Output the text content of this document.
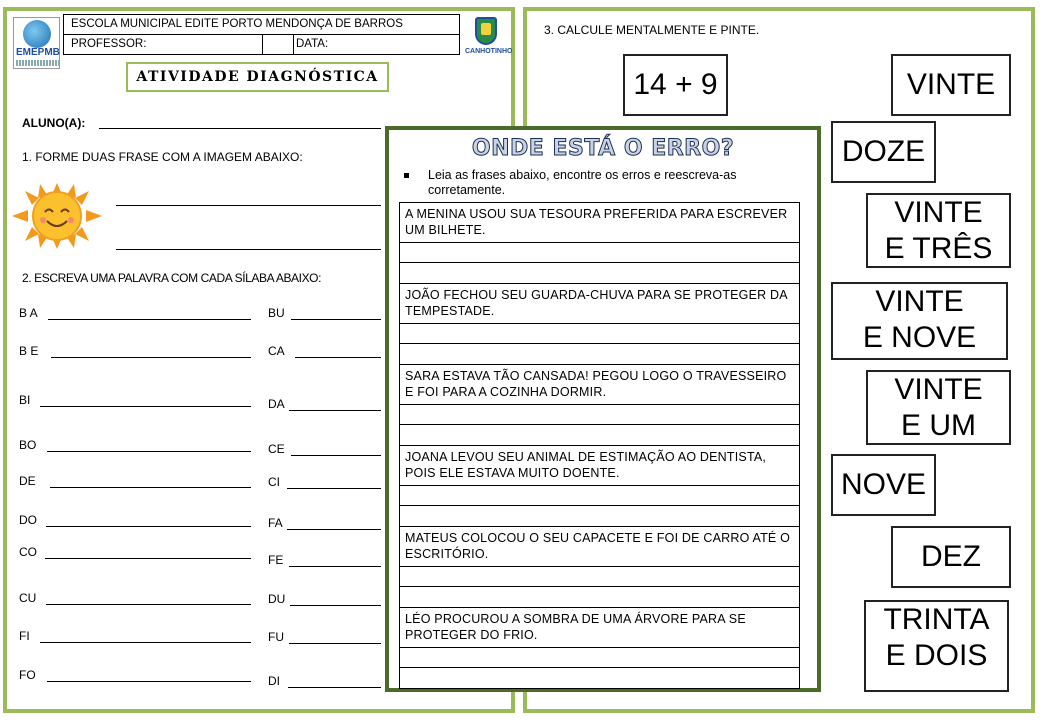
EMEPMB
ESCOLA MUNICIPAL EDITE PORTO MENDONÇA DE BARROS
PROFESSOR:	DATA:
CANHOTINHO
ATIVIDADE DIAGNÓSTICA
ALUNO(A):
1. FORME DUAS FRASE COM A IMAGEM ABAIXO:
2. ESCREVA UMA PALAVRA COM CADA SÍLABA ABAIXO:
B A
B E
BI
BO
DE
DO
CO
CU
FI
FO
BU
CA
DA
CE
CI
FA
FE
DU
FU
DI
ONDE ESTÁ O ERRO?
Leia as frases abaixo, encontre os erros e reescreva-as corretamente.
A MENINA USOU SUA TESOURA PREFERIDA PARA ESCREVER UM BILHETE.
JOÃO FECHOU SEU GUARDA-CHUVA PARA SE PROTEGER DA TEMPESTADE.
SARA ESTAVA TÃO CANSADA! PEGOU LOGO O TRAVESSEIRO E FOI PARA A COZINHA DORMIR.
JOANA LEVOU SEU ANIMAL DE ESTIMAÇÃO AO DENTISTA, POIS ELE ESTAVA MUITO DOENTE.
MATEUS COLOCOU O SEU CAPACETE E FOI DE CARRO ATÉ O ESCRITÓRIO.
LÉO PROCUROU A SOMBRA DE UMA ÁRVORE PARA SE PROTEGER DO FRIO.
3. CALCULE MENTALMENTE E PINTE.
14 + 9	VINTE
DOZE
VINTE
E TRÊS
VINTE
E NOVE
VINTE
E UM
NOVE
DEZ
TRINTA
E DOIS
